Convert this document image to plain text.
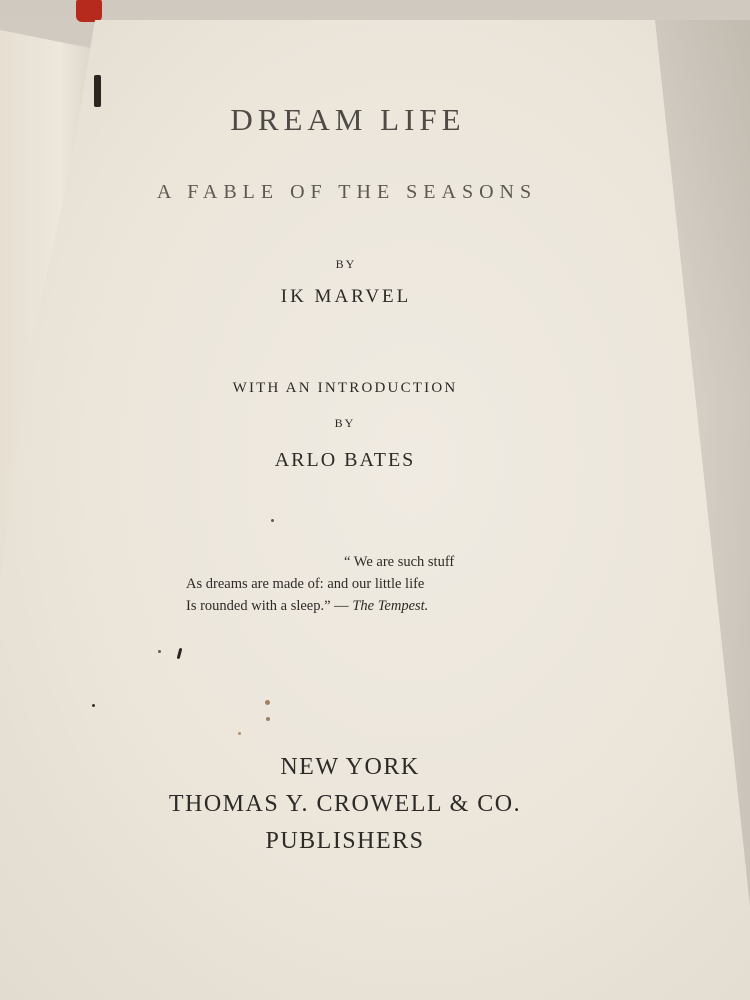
DREAM LIFE
A FABLE OF THE SEASONS
BY
IK MARVEL
WITH AN INTRODUCTION
BY
ARLO BATES
“ We are such stuff
As dreams are made of: and our little life
Is rounded with a sleep.” — The Tempest.
NEW YORK
THOMAS Y. CROWELL & CO.
PUBLISHERS
